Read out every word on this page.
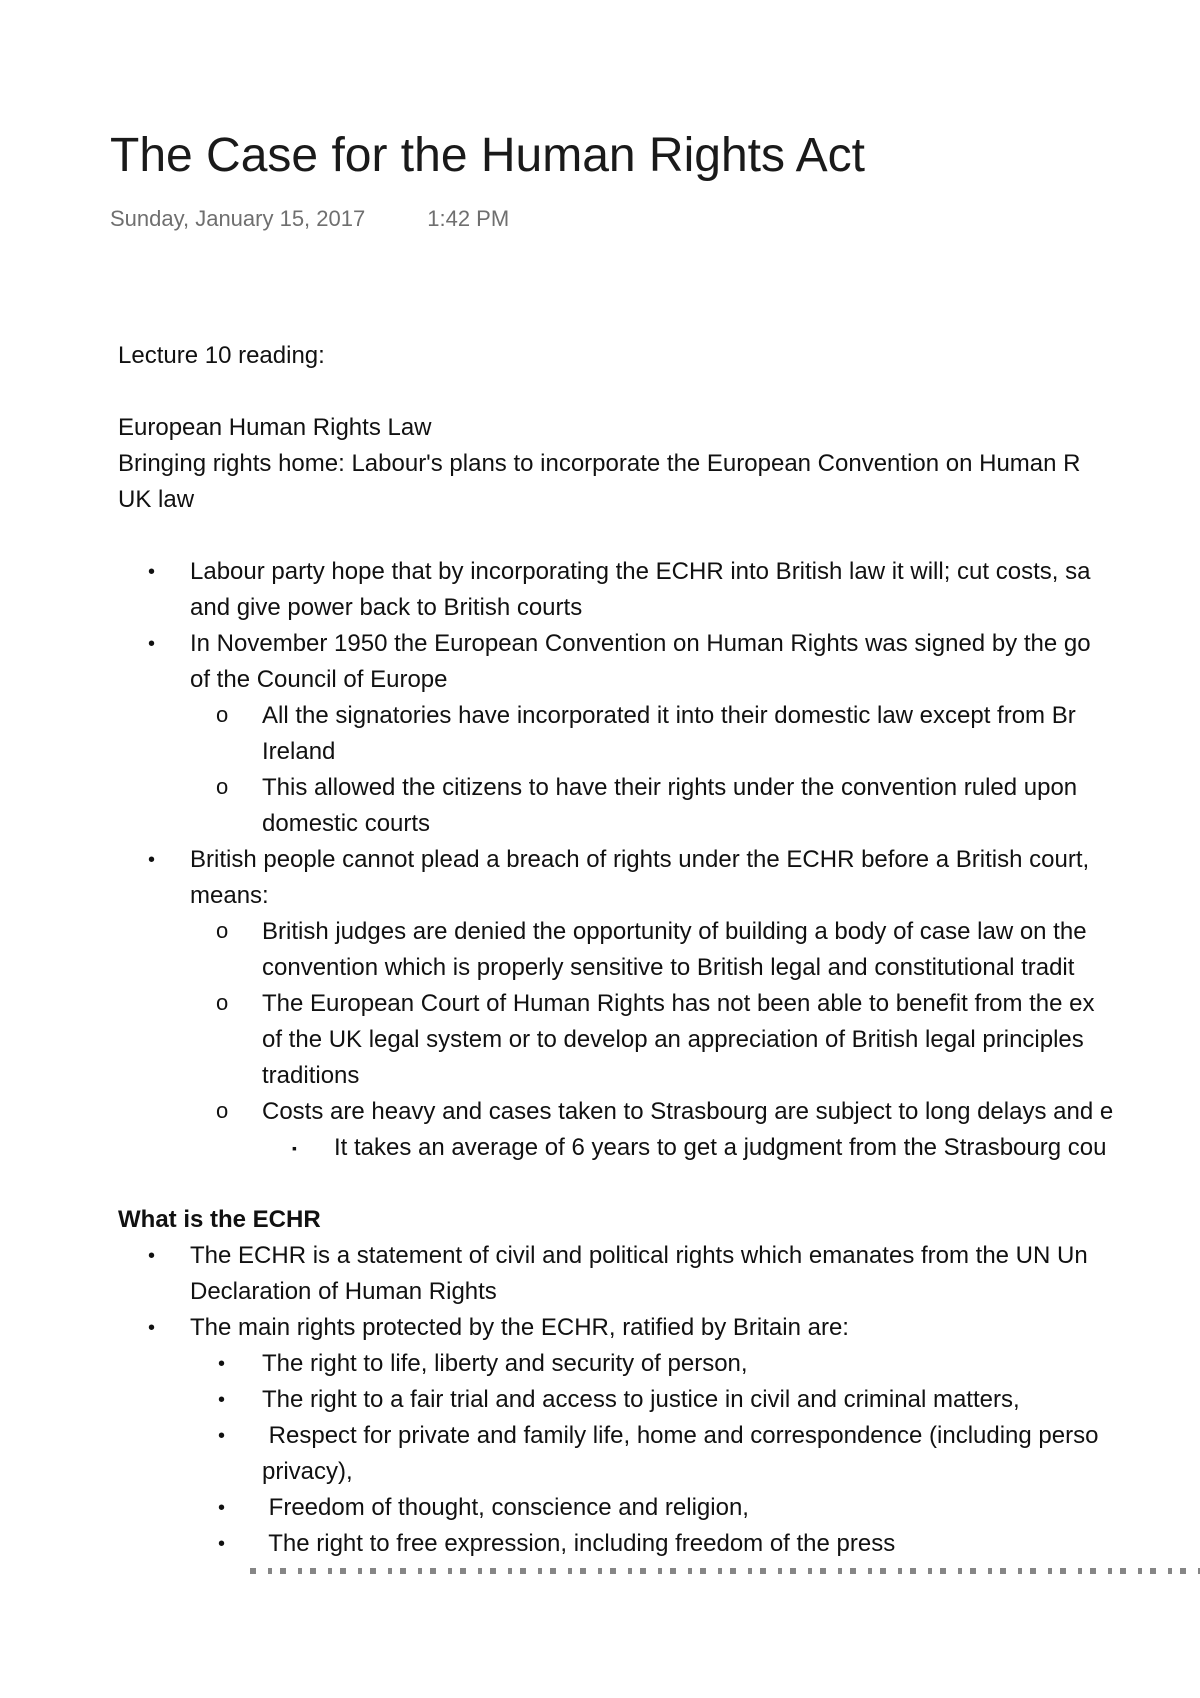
The Case for the Human Rights Act
Sunday, January 15, 2017	1:42 PM

Lecture 10 reading:

European Human Rights Law

Bringing rights home: Labour's plans to incorporate the European Convention on Human R

UK law

• Labour party hope that by incorporating the ECHR into British law it will; cut costs, sa
and give power back to British courts
• In November 1950 the European Convention on Human Rights was signed by the go
of the Council of Europe
o All the signatories have incorporated it into their domestic law except from Br
Ireland
o This allowed the citizens to have their rights under the convention ruled upon
domestic courts
• British people cannot plead a breach of rights under the ECHR before a British court,
means:
o British judges are denied the opportunity of building a body of case law on the
convention which is properly sensitive to British legal and constitutional tradit
o The European Court of Human Rights has not been able to benefit from the ex
of the UK legal system or to develop an appreciation of British legal principles
traditions
o Costs are heavy and cases taken to Strasbourg are subject to long delays and e
▪ It takes an average of 6 years to get a judgment from the Strasbourg cou

What is the ECHR

• The ECHR is a statement of civil and political rights which emanates from the UN Un
Declaration of Human Rights
• The main rights protected by the ECHR, ratified by Britain are:
• The right to life, liberty and security of person,
• The right to a fair trial and access to justice in civil and criminal matters,
• Respect for private and family life, home and correspondence (including perso
privacy),
• Freedom of thought, conscience and religion,
• The right to free expression, including freedom of the press
